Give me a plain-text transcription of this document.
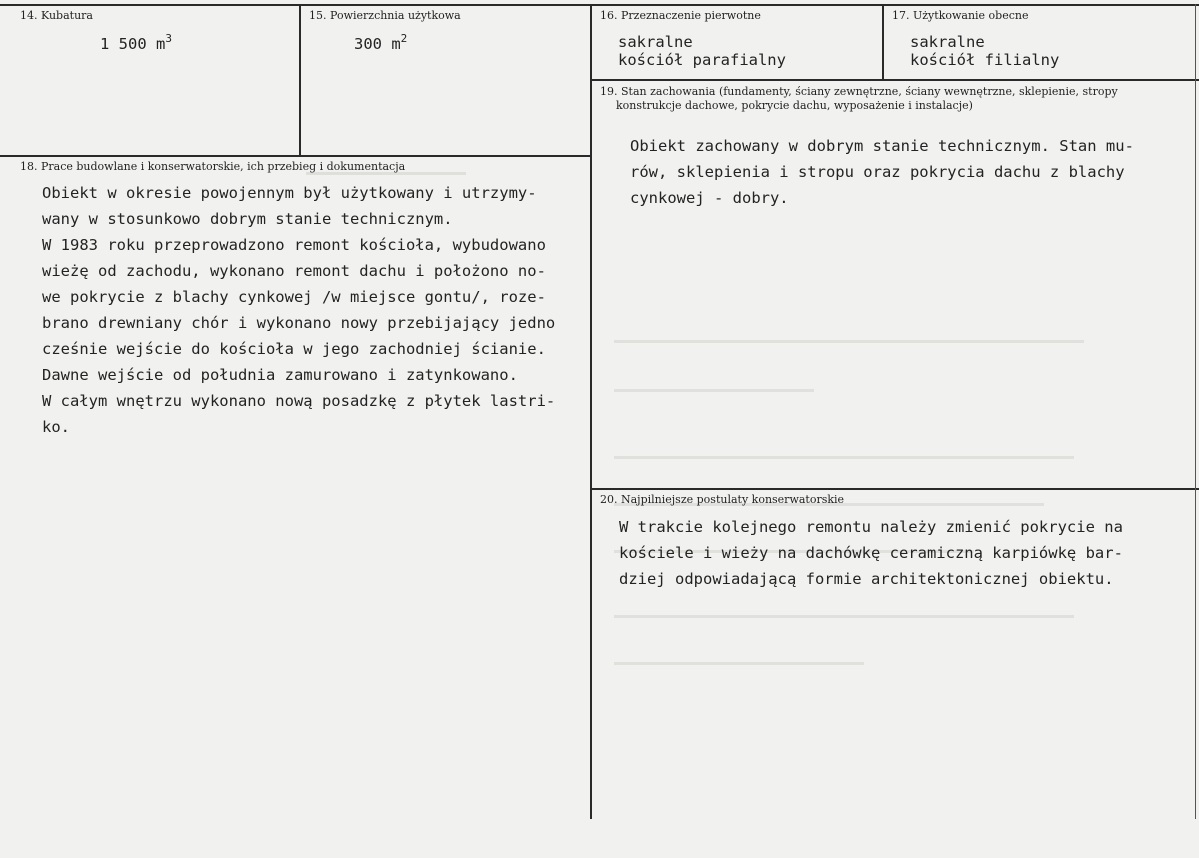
14. Kubatura
1 500 $m^3$
15. Powierzchnia użytkowa
300 $m^2$
16. Przeznaczenie pierwotne
sakralne
kościół parafialny
17. Użytkowanie obecne
sakralne
kościół filialny
19. Stan zachowania (fundamenty, ściany zewnętrzne, ściany wewnętrzne, sklepienie, stropy
konstrukcje dachowe, pokrycie dachu, wyposażenie i instalacje)
Obiekt zachowany w dobrym stanie technicznym. Stan mu-
rów, sklepienia i stropu oraz pokrycia dachu z blachy
cynkowej - dobry.
18. Prace budowlane i konserwatorskie, ich przebieg i dokumentacja
Obiekt w okresie powojennym był użytkowany i utrzymy-
wany w stosunkowo dobrym stanie technicznym.
W 1983 roku przeprowadzono remont kościoła, wybudowano
wieżę od zachodu, wykonano remont dachu i położono no-
we pokrycie z blachy cynkowej /w miejsce gontu/, roze-
brano drewniany chór i wykonano nowy przebijający jedno
cześnie wejście do kościoła w jego zachodniej ścianie.
Dawne wejście od południa zamurowano i zatynkowano.
W całym wnętrzu wykonano nową posadzkę z płytek lastri-
ko.
20. Najpilniejsze postulaty konserwatorskie
W trakcie kolejnego remontu należy zmienić pokrycie na
kościele i wieży na dachówkę ceramiczną karpiówkę bar-
dziej odpowiadającą formie architektonicznej obiektu.
